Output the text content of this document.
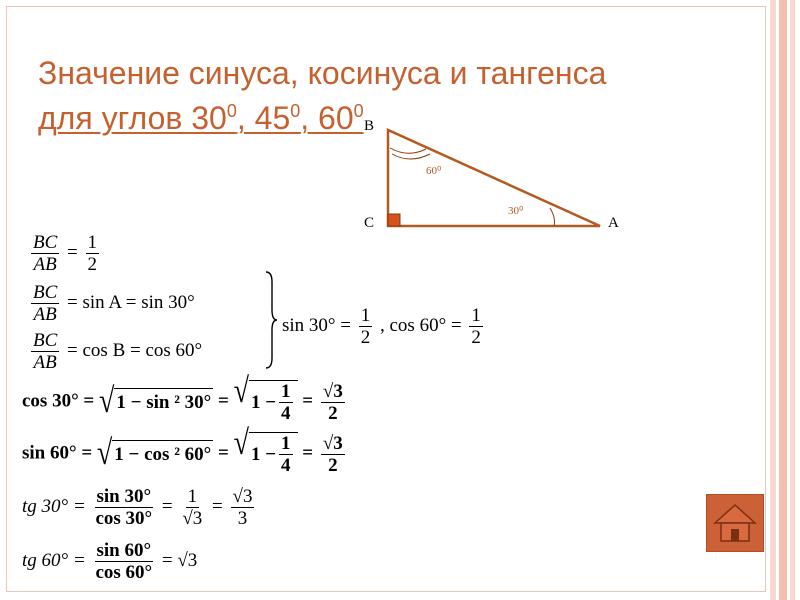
Значение синуса, косинуса и тангенса
для углов $30^0$, $45^0$, $60^0$
B
C	A
60⁰
30⁰
$\frac{BC}{AB} = \frac{1}{2}$
$\frac{BC}{AB} = \sin A = \sin 30^\circ$
$\frac{BC}{AB} = \cos B = \cos 60^\circ$
$\sin 30^\circ = \frac{1}{2}$ , $\cos 60^\circ = \frac{1}{2}$
cos 30° = √ 1 − sin ² 30° = √ $1 - \frac{1}{4} = \frac{√3}{2}$
sin 60° = √ 1 − cos ² 60° = √ $1 - \frac{1}{4} = \frac{√3}{2}$
tg $30^\circ = \frac{\sin 30^\circ}{\cos 30^\circ} = \frac{1}{√3} = \frac{√3}{3}$
tg $60^\circ = \frac{\sin 60^\circ}{\cos 60^\circ} = √3$
